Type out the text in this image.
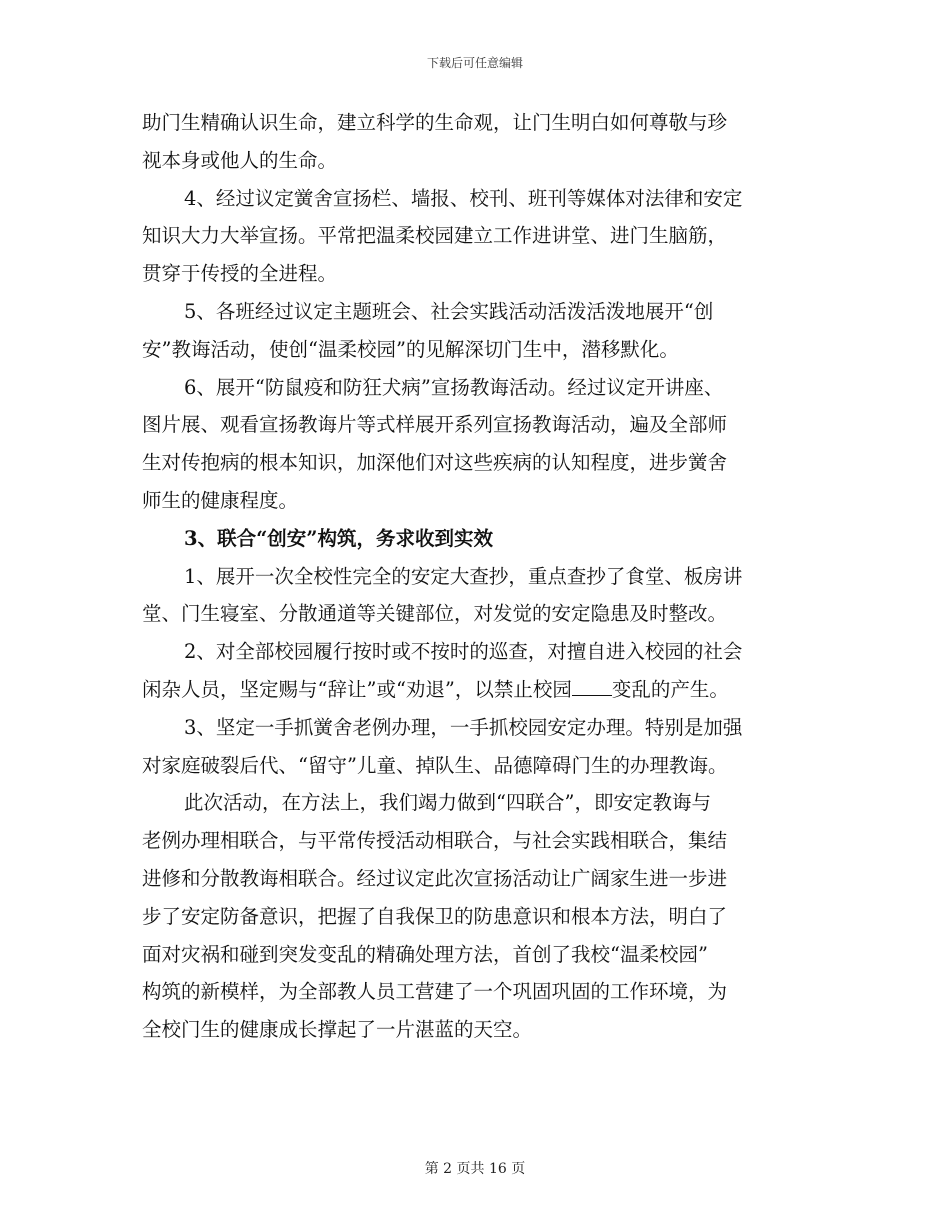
下载后可任意编辑
助门生精确认识生命，建立科学的生命观，让门生明白如何尊敬与珍
视本身或他人的生命。
4、经过议定黉舍宣扬栏、墙报、校刊、班刊等媒体对法律和安定
知识大力大举宣扬。平常把温柔校园建立工作进讲堂、进门生脑筋，
贯穿于传授的全进程。
5、各班经过议定主题班会、社会实践活动活泼活泼地展开“创
安”教诲活动，使创“温柔校园”的见解深切门生中，潜移默化。
6、展开“防鼠疫和防狂犬病”宣扬教诲活动。经过议定开讲座、
图片展、观看宣扬教诲片等式样展开系列宣扬教诲活动，遍及全部师
生对传抱病的根本知识，加深他们对这些疾病的认知程度，进步黉舍
师生的健康程度。
3、联合“创安”构筑，务求收到实效
1、展开一次全校性完全的安定大查抄，重点查抄了食堂、板房讲
堂、门生寝室、分散通道等关键部位，对发觉的安定隐患及时整改。
2、对全部校园履行按时或不按时的巡查，对擅自进入校园的社会
闲杂人员，坚定赐与“辞让”或“劝退”，以禁止校园 变乱的产生。
3、坚定一手抓黉舍老例办理，一手抓校园安定办理。特别是加强
对家庭破裂后代、“留守”儿童、掉队生、品德障碍门生的办理教诲。
此次活动，在方法上，我们竭力做到“四联合”，即安定教诲与
老例办理相联合，与平常传授活动相联合，与社会实践相联合，集结
进修和分散教诲相联合。经过议定此次宣扬活动让广阔家生进一步进
步了安定防备意识，把握了自我保卫的防患意识和根本方法，明白了
面对灾祸和碰到突发变乱的精确处理方法，首创了我校“温柔校园”
构筑的新模样，为全部教人员工营建了一个巩固巩固的工作环境，为
全校门生的健康成长撑起了一片湛蓝的天空。
第 2 页共 16 页
